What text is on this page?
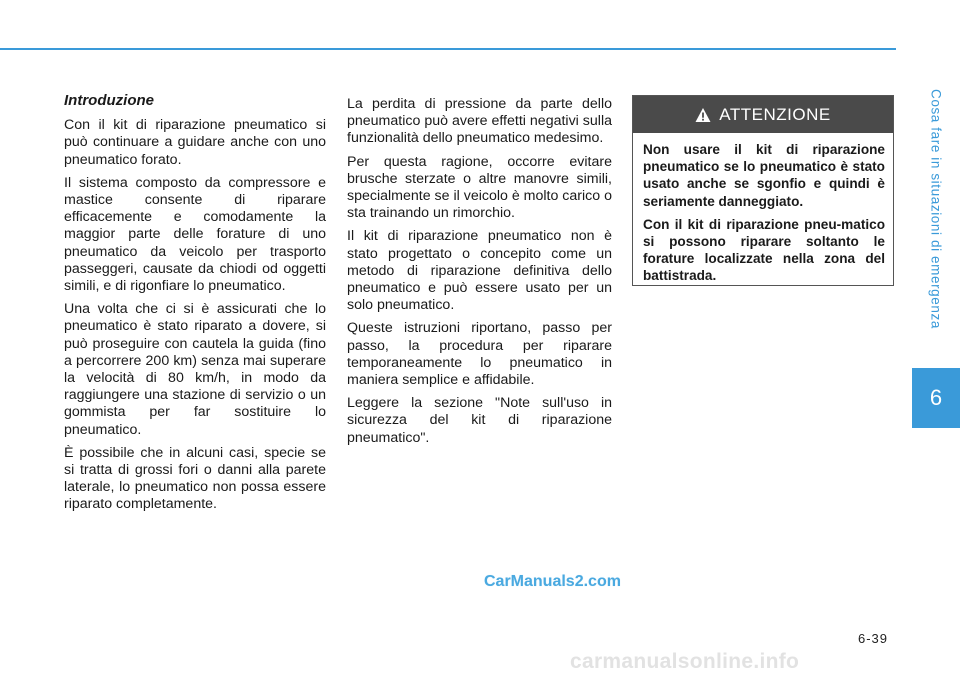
Introduzione

Con il kit di riparazione pneumatico si può continuare a guidare anche con uno pneumatico forato.

Il sistema composto da compressore e mastice consente di riparare efficacemente e comodamente la maggior parte delle forature di uno pneumatico da veicolo per trasporto passeggeri, causate da chiodi od oggetti simili, e di rigonfiare lo pneumatico.

Una volta che ci si è assicurati che lo pneumatico è stato riparato a dovere, si può proseguire con cautela la guida (fino a percorrere 200 km) senza mai superare la velocità di 80 km/h, in modo da raggiungere una stazione di servizio o un gommista per far sostituire lo pneumatico.

È possibile che in alcuni casi, specie se si tratta di grossi fori o danni alla parete laterale, lo pneumatico non possa essere riparato completamente.

La perdita di pressione da parte dello pneumatico può avere effetti negativi sulla funzionalità dello pneumatico medesimo.

Per questa ragione, occorre evitare brusche sterzate o altre manovre simili, specialmente se il veicolo è molto carico o sta trainando un rimorchio.

Il kit di riparazione pneumatico non è stato progettato o concepito come un metodo di riparazione definitiva dello pneumatico e può essere usato per un solo pneumatico.

Queste istruzioni riportano, passo per passo, la procedura per riparare temporaneamente lo pneumatico in maniera semplice e affidabile.

Leggere la sezione "Note sull'uso in sicurezza del kit di riparazione pneumatico".

ATTENZIONE

Non usare il kit di riparazione pneumatico se lo pneumatico è stato usato anche se sgonfio e quindi è seriamente danneggiato.

Con il kit di riparazione pneu-matico si possono riparare soltanto le forature localizzate nella zona del battistrada.	Cosa fare in situazioni di emergenza
6
CarManuals2.com
6-39
carmanualsonline.info
